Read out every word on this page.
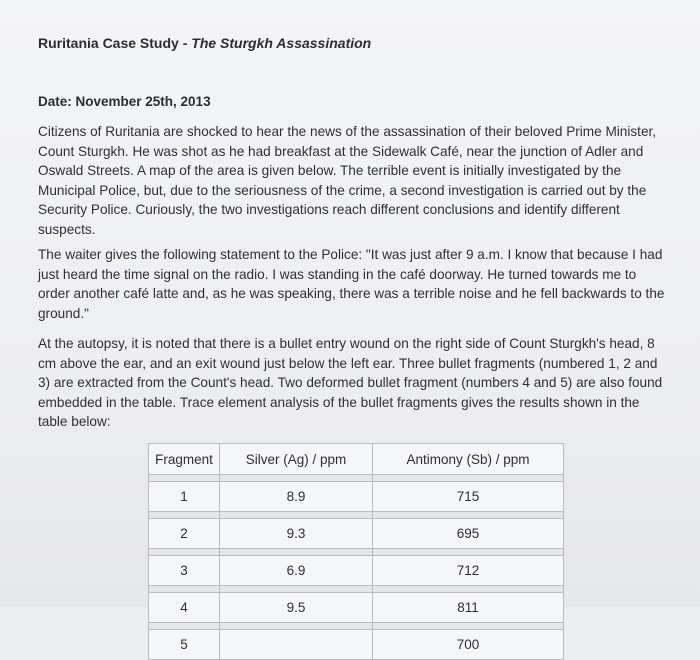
Ruritania Case Study - The Sturgkh Assassination
Date: November 25th, 2013

Citizens of Ruritania are shocked to hear the news of the assassination of their beloved Prime Minister, Count Sturgkh. He was shot as he had breakfast at the Sidewalk Café, near the junction of Adler and Oswald Streets. A map of the area is given below. The terrible event is initially investigated by the Municipal Police, but, due to the seriousness of the crime, a second investigation is carried out by the Security Police. Curiously, the two investigations reach different conclusions and identify different suspects.

The waiter gives the following statement to the Police: "It was just after 9 a.m. I know that because I had just heard the time signal on the radio. I was standing in the café doorway. He turned towards me to order another café latte and, as he was speaking, there was a terrible noise and he fell backwards to the ground."

At the autopsy, it is noted that there is a bullet entry wound on the right side of Count Sturgkh's head, 8 cm above the ear, and an exit wound just below the left ear. Three bullet fragments (numbered 1, 2 and 3) are extracted from the Count's head. Two deformed bullet fragment (numbers 4 and 5) are also found embedded in the table. Trace element analysis of the bullet fragments gives the results shown in the table below:

Fragment	Silver (Ag) / ppm	Antimony (Sb) / ppm

1	8.9	715

2	9.3	695

3	6.9	712

4	9.5	811

5		700
